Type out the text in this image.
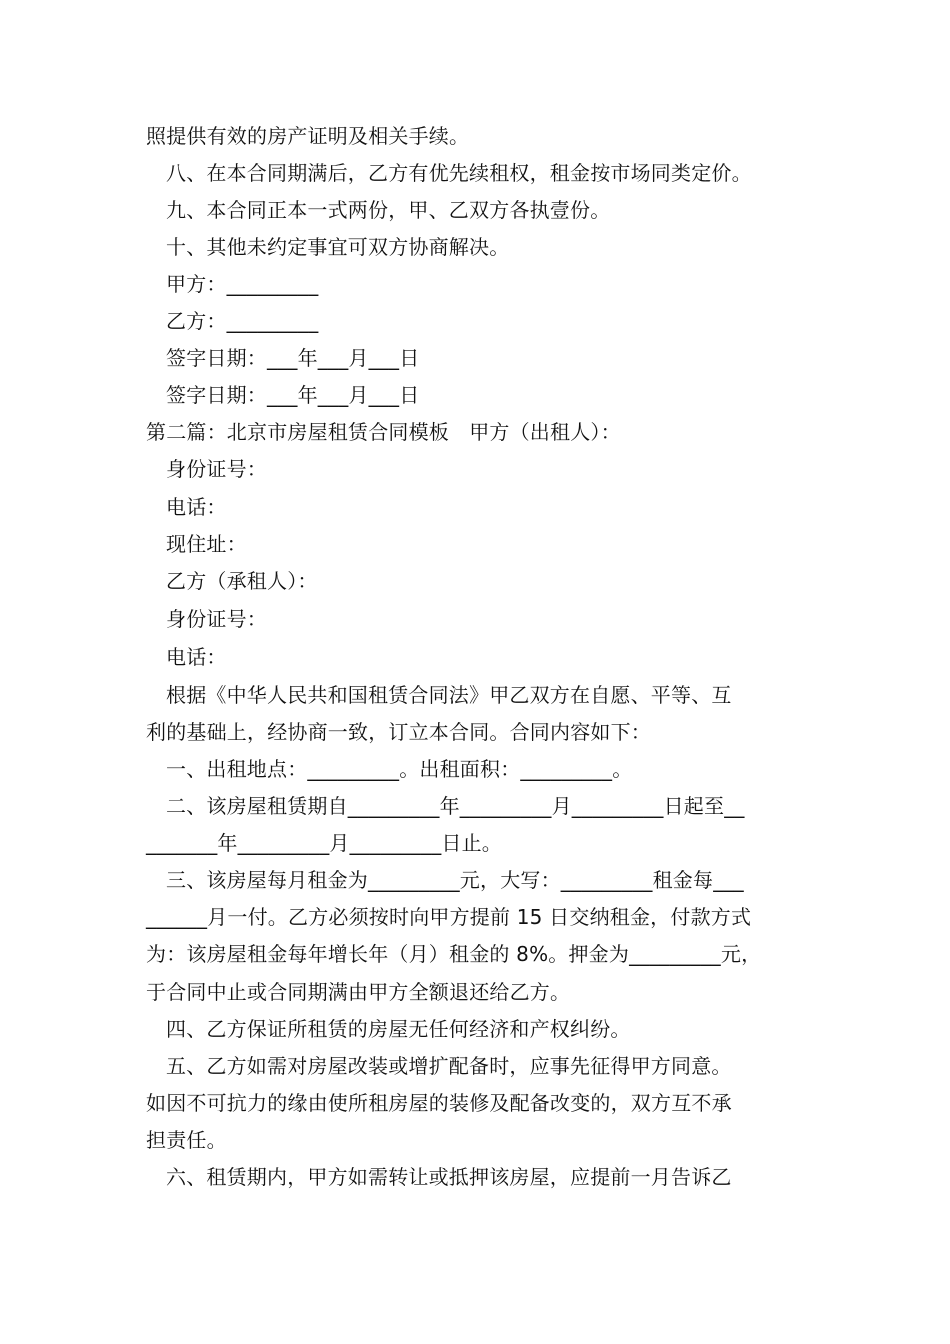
照提供有效的房产证明及相关手续。
八、在本合同期满后，乙方有优先续租权，租金按市场同类定价。
九、本合同正本一式两份，甲、乙双方各执壹份。
十、其他未约定事宜可双方协商解决。
甲方：_________
乙方：_________
签字日期：___年___月___日
签字日期：___年___月___日
第二篇：北京市房屋租赁合同模板　甲方（出租人）：
身份证号：
电话：
现住址：
乙方（承租人）：
身份证号：
电话：
根据《中华人民共和国租赁合同法》甲乙双方在自愿、平等、互
利的基础上，经协商一致，订立本合同。合同内容如下：
一、出租地点：_________。出租面积：_________。
二、该房屋租赁期自_________年_________月_________日起至__
_______年_________月_________日止。
三、该房屋每月租金为_________元，大写：_________租金每___
______月一付。乙方必须按时向甲方提前 15 日交纳租金，付款方式
为：该房屋租金每年增长年（月）租金的 8%。押金为_________元，
于合同中止或合同期满由甲方全额退还给乙方。
四、乙方保证所租赁的房屋无任何经济和产权纠纷。
五、乙方如需对房屋改装或增扩配备时，应事先征得甲方同意。
如因不可抗力的缘由使所租房屋的装修及配备改变的，双方互不承
担责任。
六、租赁期内，甲方如需转让或抵押该房屋，应提前一月告诉乙
